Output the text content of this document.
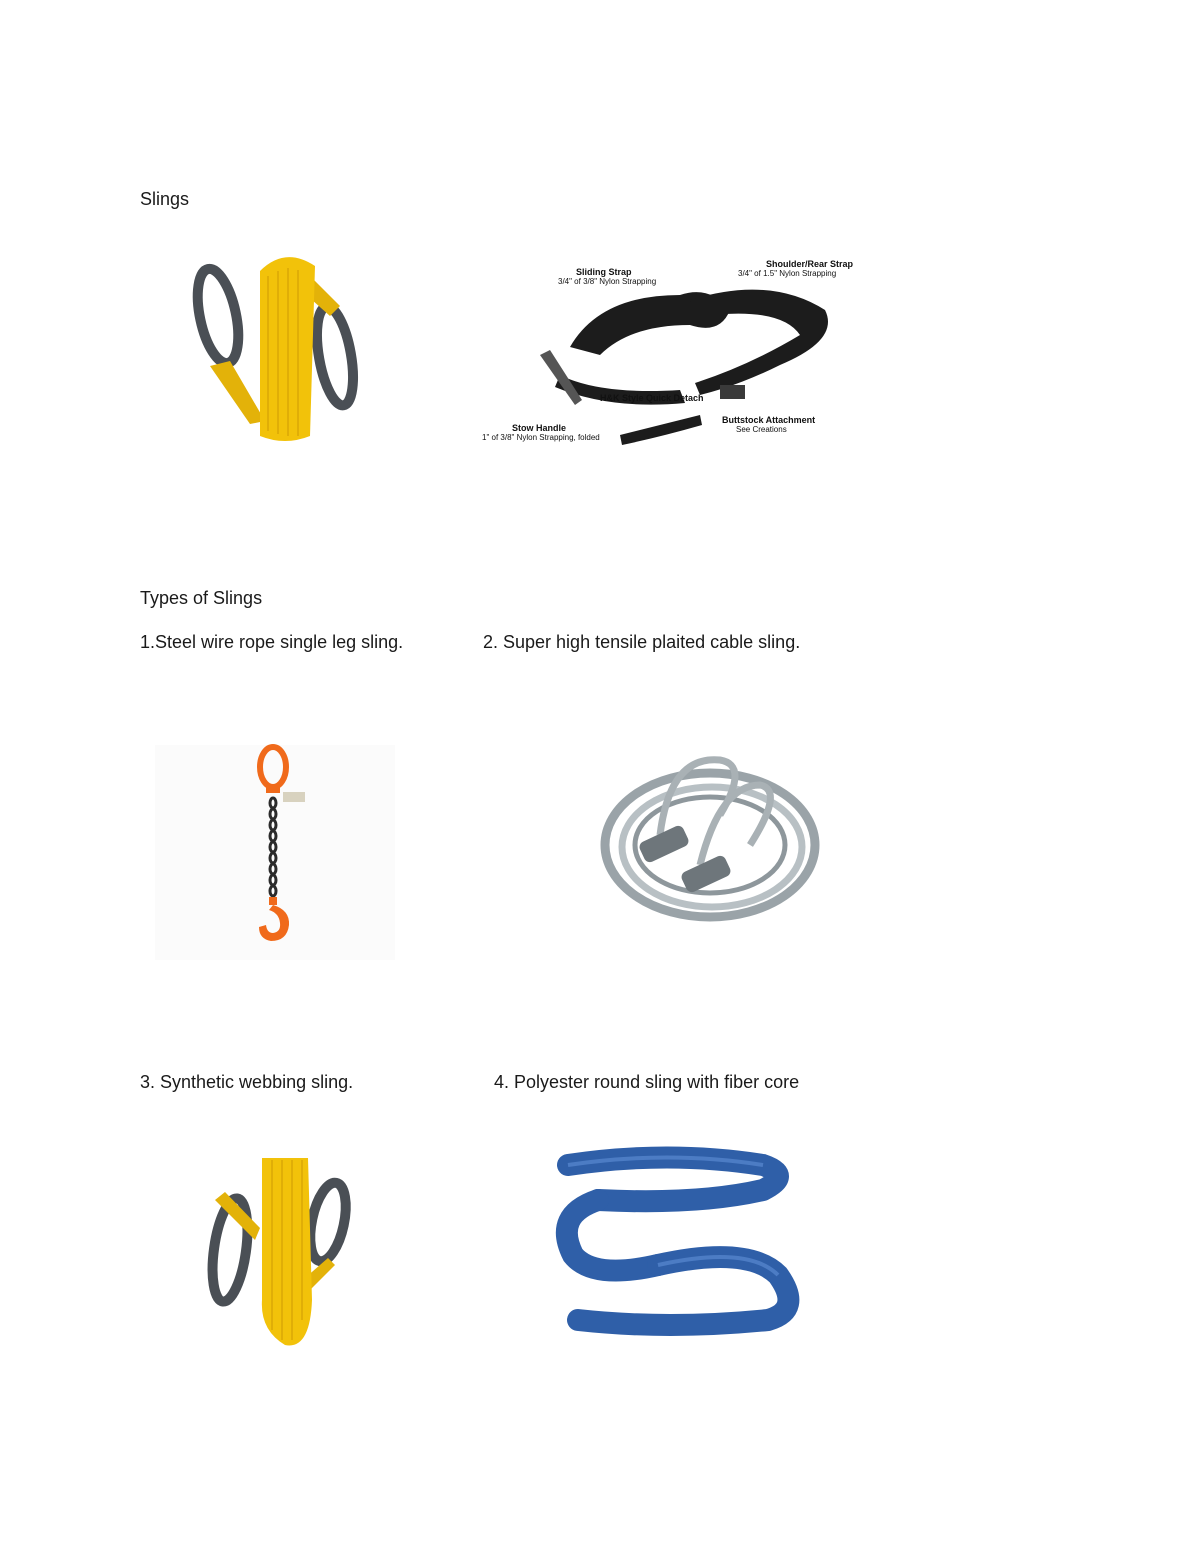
Slings
Sliding Strap
3/4" of 3/8" Nylon Strapping
Shoulder/Rear Strap
3/4" of 1.5" Nylon Strapping
H&K Style Quick Detach
Stow Handle
1" of 3/8" Nylon Strapping, folded
Buttstock Attachment
See Creations
Types of Slings
1.Steel wire rope single leg sling.	2. Super high tensile plaited cable sling.
3. Synthetic webbing sling.	4. Polyester round sling with fiber core
